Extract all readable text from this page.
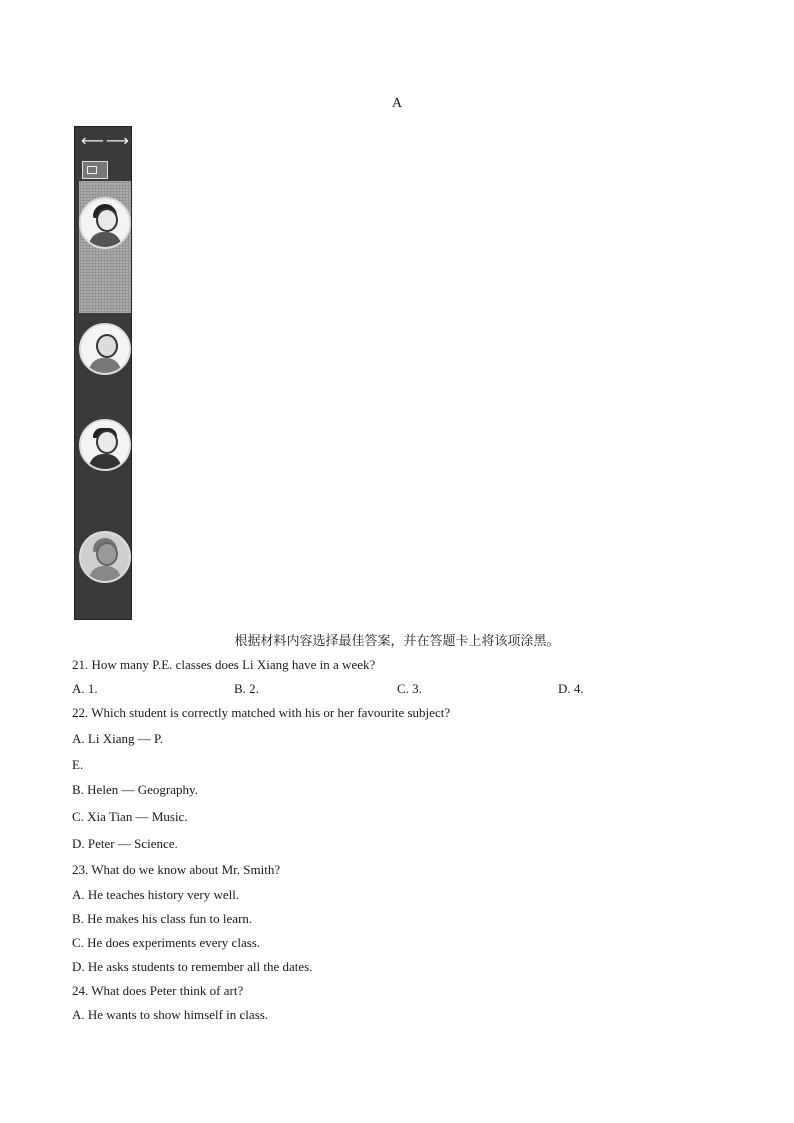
A
⟵⟶
根据材料内容选择最佳答案，并在答题卡上将该项涂黑。
21. How many P.E. classes does Li Xiang have in a week?
A. 1.	B. 2.	C. 3.	D. 4.
22. Which student is correctly matched with his or her favourite subject?
A. Li Xiang — P.
E.
B. Helen — Geography.
C. Xia Tian — Music.
D. Peter — Science.
23. What do we know about Mr. Smith?
A. He teaches history very well.
B. He makes his class fun to learn.
C. He does experiments every class.
D. He asks students to remember all the dates.
24. What does Peter think of art?
A. He wants to show himself in class.
